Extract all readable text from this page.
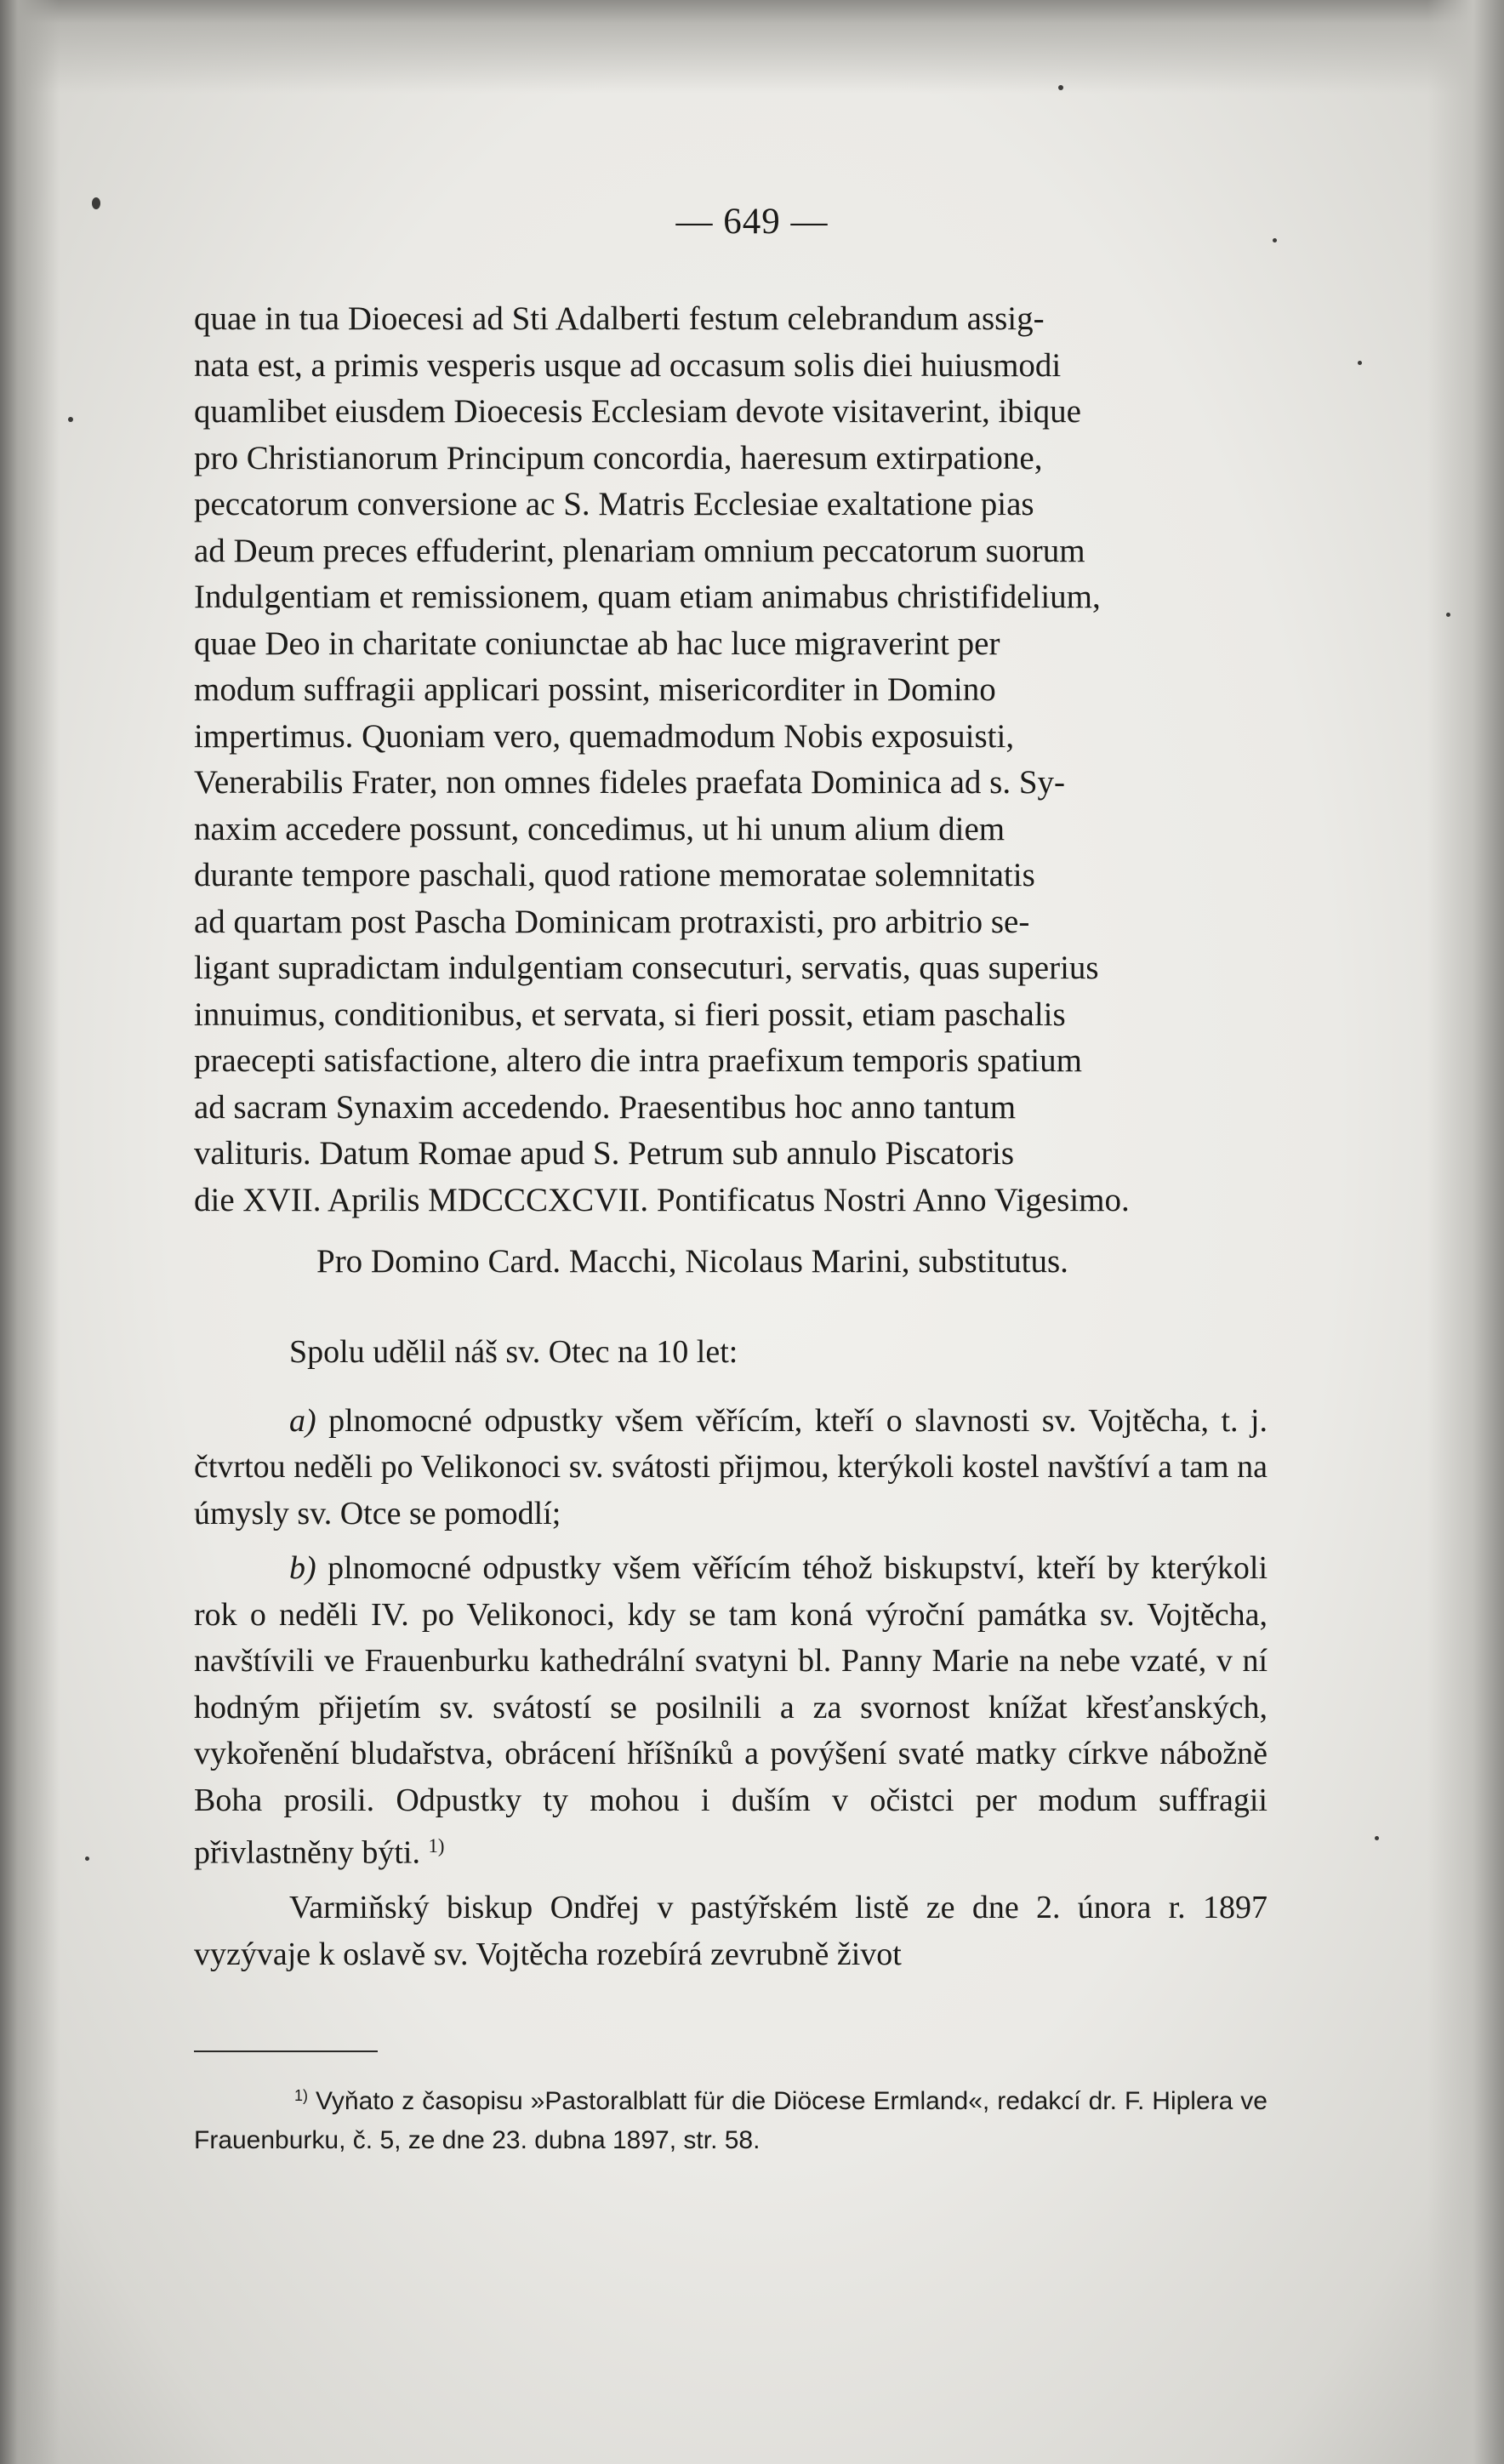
— 649 —

quae in tua Dioecesi ad Sti Adalberti festum celebrandum assig-

nata est, a primis vesperis usque ad occasum solis diei huiusmodi

quamlibet eiusdem Dioecesis Ecclesiam devote visitaverint, ibique

pro Christianorum Principum concordia, haeresum extirpatione,

peccatorum conversione ac S. Matris Ecclesiae exaltatione pias

ad Deum preces effuderint, plenariam omnium peccatorum suorum

Indulgentiam et remissionem, quam etiam animabus christifidelium,

quae Deo in charitate coniunctae ab hac luce migraverint per

modum suffragii applicari possint, misericorditer in Domino

impertimus. Quoniam vero, quemadmodum Nobis exposuisti,

Venerabilis Frater, non omnes fideles praefata Dominica ad s. Sy-

naxim accedere possunt, concedimus, ut hi unum alium diem

durante tempore paschali, quod ratione memoratae solemnitatis

ad quartam post Pascha Dominicam protraxisti, pro arbitrio se-

ligant supradictam indulgentiam consecuturi, servatis, quas superius

innuimus, conditionibus, et servata, si fieri possit, etiam paschalis

praecepti satisfactione, altero die intra praefixum temporis spatium

ad sacram Synaxim accedendo. Praesentibus hoc anno tantum

valituris. Datum Romae apud S. Petrum sub annulo Piscatoris

die XVII. Aprilis MDCCCXCVII. Pontificatus Nostri Anno Vigesimo.

Pro Domino Card. Macchi, Nicolaus Marini, substitutus.

Spolu udělil náš sv. Otec na 10 let:

a) plnomocné odpustky všem věřícím, kteří o slavnosti sv. Vojtěcha, t. j. čtvrtou neděli po Velikonoci sv. svátosti přijmou, kterýkoli kostel navštíví a tam na úmysly sv. Otce se pomodlí;

b) plnomocné odpustky všem věřícím téhož biskupství, kteří by kterýkoli rok o neděli IV. po Velikonoci, kdy se tam koná výroční památka sv. Vojtěcha, navštívili ve Frauenburku kathedrální svatyni bl. Panny Marie na nebe vzaté, v ní hodným přijetím sv. svátostí se posilnili a za svornost knížat křesťanských, vykořenění bludařstva, obrácení hříšníků a povýšení svaté matky církve nábožně Boha prosili. Odpustky ty mohou i duším v očistci per modum suffragii přivlastněny býti. $^{1)}$

Varmiňský biskup Ondřej v pastýřském listě ze dne 2. února r. 1897 vyzývaje k oslavě sv. Vojtěcha rozebírá zevrubně život

$^{1)}$ Vyňato z časopisu »Pastoralblatt für die Diöcese Ermland«, redakcí dr. F. Hiplera ve Frauenburku, č. 5, ze dne 23. dubna 1897, str. 58.
